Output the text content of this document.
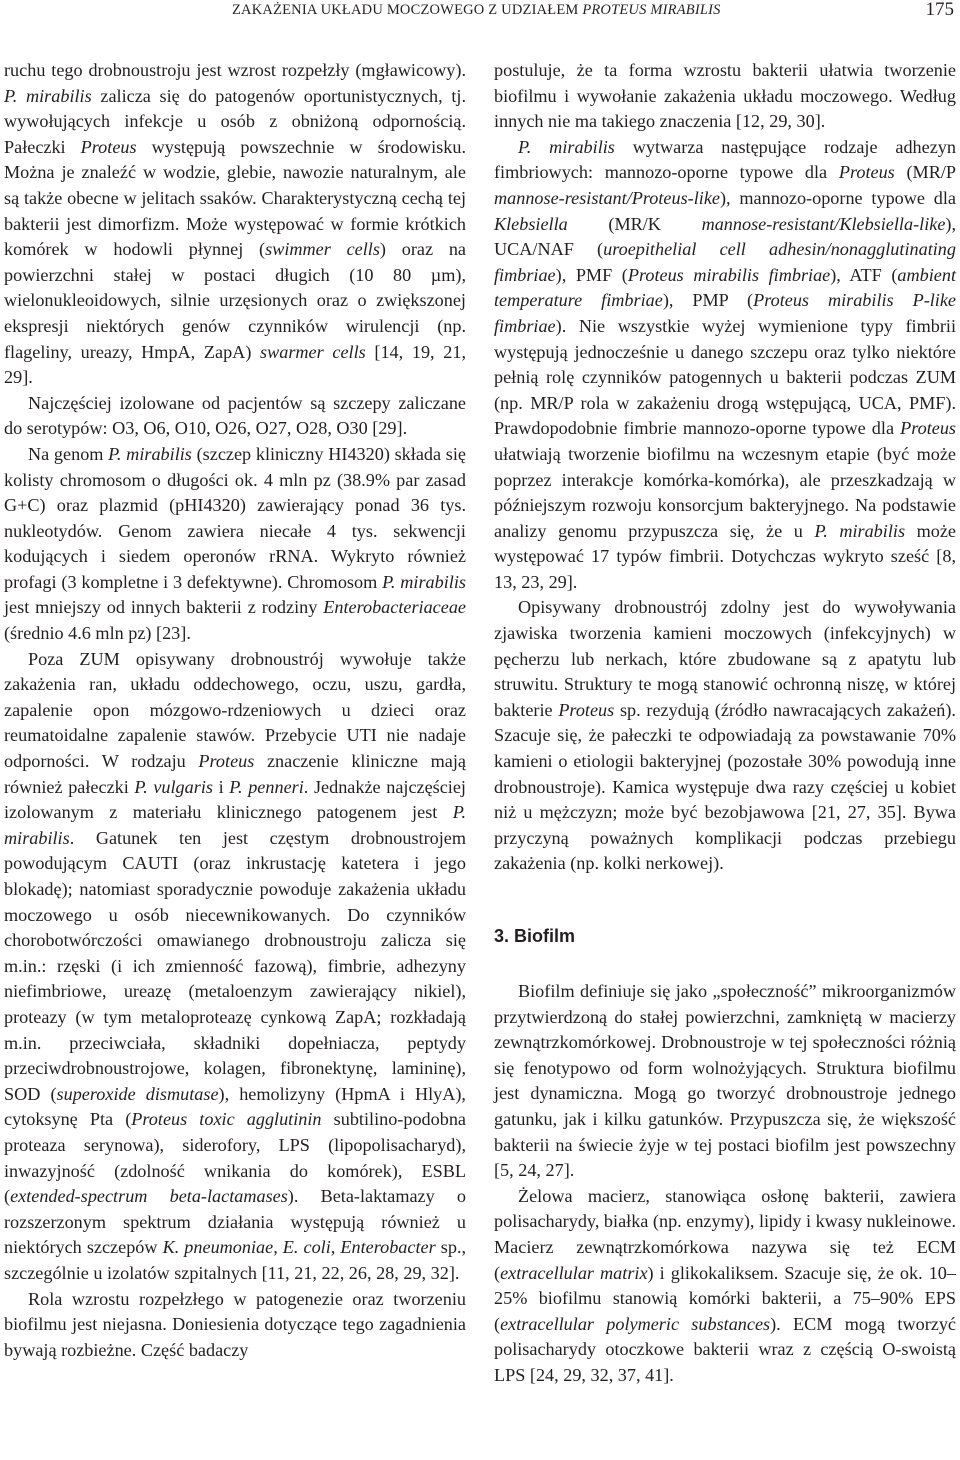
ZAKAŻENIA UKŁADU MOCZOWEGO Z UDZIAŁEM PROTEUS MIRABILIS	175

ruchu tego drobnoustroju jest wzrost rozpełzły (mgławicowy). P. mirabilis zalicza się do patogenów oportunistycznych, tj. wywołujących infekcje u osób z obniżoną odpornością. Pałeczki Proteus występują powszechnie w środowisku. Można je znaleźć w wodzie, glebie, nawozie naturalnym, ale są także obecne w jelitach ssaków. Charakterystyczną cechą tej bakterii jest dimorfizm. Może występować w formie krótkich komórek w hodowli płynnej (swimmer cells) oraz na powierzchni stałej w postaci długich (10 80 µm), wielonukleoidowych, silnie urzęsionych oraz o zwiększonej ekspresji niektórych genów czynników wirulencji (np. flageliny, ureazy, HmpA, ZapA) swarmer cells [14, 19, 21, 29].

Najczęściej izolowane od pacjentów są szczepy zaliczane do serotypów: O3, O6, O10, O26, O27, O28, O30 [29].

Na genom P. mirabilis (szczep kliniczny HI4320) składa się kolisty chromosom o długości ok. 4 mln pz (38.9% par zasad G+C) oraz plazmid (pHI4320) zawierający ponad 36 tys. nukleotydów. Genom zawiera niecałe 4 tys. sekwencji kodujących i siedem operonów rRNA. Wykryto również profagi (3 kompletne i 3 defektywne). Chromosom P. mirabilis jest mniejszy od innych bakterii z rodziny Enterobacteriaceae (średnio 4.6 mln pz) [23].

Poza ZUM opisywany drobnoustrój wywołuje także zakażenia ran, układu oddechowego, oczu, uszu, gardła, zapalenie opon mózgowo-rdzeniowych u dzieci oraz reumatoidalne zapalenie stawów. Przebycie UTI nie nadaje odporności. W rodzaju Proteus znaczenie kliniczne mają również pałeczki P. vulgaris i P. penneri. Jednakże najczęściej izolowanym z materiału klinicznego patogenem jest P. mirabilis. Gatunek ten jest częstym drobnoustrojem powodującym CAUTI (oraz inkrustację katetera i jego blokadę); natomiast sporadycznie powoduje zakażenia układu moczowego u osób niecewnikowanych. Do czynników chorobotwórczości omawianego drobnoustroju zalicza się m.in.: rzęski (i ich zmienność fazową), fimbrie, adhezyny niefimbriowe, ureazę (metaloenzym zawierający nikiel), proteazy (w tym metaloproteazę cynkową ZapA; rozkładają m.in. przeciwciała, składniki dopełniacza, peptydy przeciwdrobnoustrojowe, kolagen, fibronektynę, lamininę), SOD (superoxide dismutase), hemolizyny (HpmA i HlyA), cytoksynę Pta (Proteus toxic agglutinin subtilino-podobna proteaza serynowa), siderofory, LPS (lipopolisacharyd), inwazyjność (zdolność wnikania do komórek), ESBL (extended-spectrum beta-lactamases). Beta-laktamazy o rozszerzonym spektrum działania występują również u niektórych szczepów K. pneumoniae, E. coli, Enterobacter sp., szczególnie u izolatów szpitalnych [11, 21, 22, 26, 28, 29, 32].

Rola wzrostu rozpełzłego w patogenezie oraz tworzeniu biofilmu jest niejasna. Doniesienia dotyczące tego zagadnienia bywają rozbieżne. Część badaczy

postuluje, że ta forma wzrostu bakterii ułatwia tworzenie biofilmu i wywołanie zakażenia układu moczowego. Według innych nie ma takiego znaczenia [12, 29, 30].

P. mirabilis wytwarza następujące rodzaje adhezyn fimbriowych: mannozo-oporne typowe dla Proteus (MR/P mannose-resistant/Proteus-like), mannozo-oporne typowe dla Klebsiella (MR/K mannose-resistant/Klebsiella-like), UCA/NAF (uroepithelial cell adhesin/nonagglutinating fimbriae), PMF (Proteus mirabilis fimbriae), ATF (ambient temperature fimbriae), PMP (Proteus mirabilis P-like fimbriae). Nie wszystkie wyżej wymienione typy fimbrii występują jednocześnie u danego szczepu oraz tylko niektóre pełnią rolę czynników patogennych u bakterii podczas ZUM (np. MR/P rola w zakażeniu drogą wstępującą, UCA, PMF). Prawdopodobnie fimbrie mannozo-oporne typowe dla Proteus ułatwiają tworzenie biofilmu na wczesnym etapie (być może poprzez interakcje komórka-komórka), ale przeszkadzają w późniejszym rozwoju konsorcjum bakteryjnego. Na podstawie analizy genomu przypuszcza się, że u P. mirabilis może występować 17 typów fimbrii. Dotychczas wykryto sześć [8, 13, 23, 29].

Opisywany drobnoustrój zdolny jest do wywoływania zjawiska tworzenia kamieni moczowych (infekcyjnych) w pęcherzu lub nerkach, które zbudowane są z apatytu lub struwitu. Struktury te mogą stanowić ochronną niszę, w której bakterie Proteus sp. rezydują (źródło nawracających zakażeń). Szacuje się, że pałeczki te odpowiadają za powstawanie 70% kamieni o etiologii bakteryjnej (pozostałe 30% powodują inne drobnoustroje). Kamica występuje dwa razy częściej u kobiet niż u mężczyzn; może być bezobjawowa [21, 27, 35]. Bywa przyczyną poważnych komplikacji podczas przebiegu zakażenia (np. kolki nerkowej).

3. Biofilm

Biofilm definiuje się jako „społeczność” mikroorganizmów przytwierdzoną do stałej powierzchni, zamkniętą w macierzy zewnątrzkomórkowej. Drobnoustroje w tej społeczności różnią się fenotypowo od form wolnożyjących. Struktura biofilmu jest dynamiczna. Mogą go tworzyć drobnoustroje jednego gatunku, jak i kilku gatunków. Przypuszcza się, że większość bakterii na świecie żyje w tej postaci biofilm jest powszechny [5, 24, 27].

Żelowa macierz, stanowiąca osłonę bakterii, zawiera polisacharydy, białka (np. enzymy), lipidy i kwasy nukleinowe. Macierz zewnątrzkomórkowa nazywa się też ECM (extracellular matrix) i glikokaliksem. Szacuje się, że ok. 10–25% biofilmu stanowią komórki bakterii, a 75–90% EPS (extracellular polymeric substances). ECM mogą tworzyć polisacharydy otoczkowe bakterii wraz z częścią O-swoistą LPS [24, 29, 32, 37, 41].
